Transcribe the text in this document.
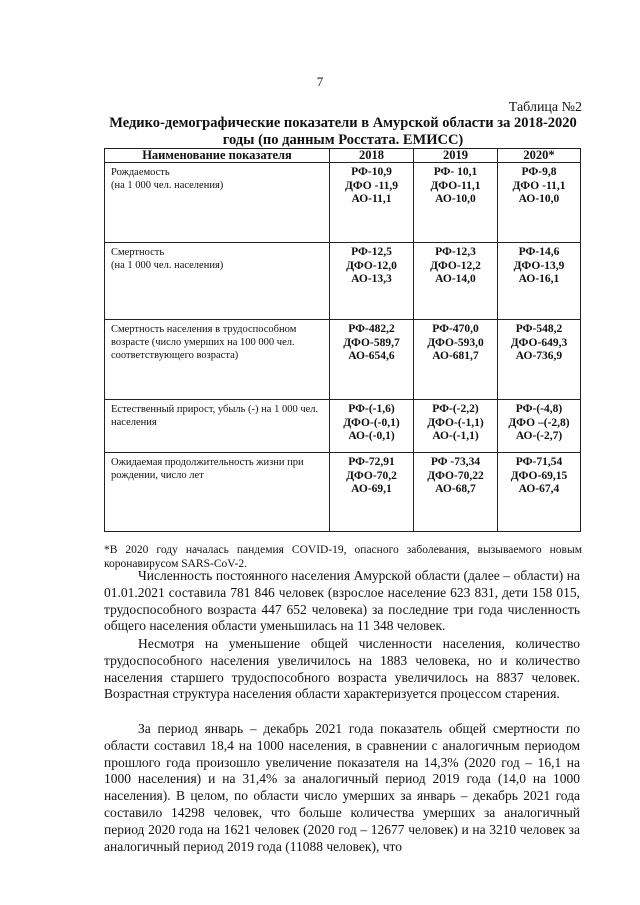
7
Таблица №2
Медико-демографические показатели в Амурской области за 2018-2020 годы (по данным Росстата. ЕМИСС)
Наименование показателя	2018	2019	2020*

Рождаемость
(на 1 000 чел. населения)	РФ-10,9
ДФО -11,9
АО-11,1	РФ- 10,1
ДФО-11,1
АО-10,0	РФ-9,8
ДФО -11,1
АО-10,0

Смертность
(на 1 000 чел. населения)	РФ-12,5
ДФО-12,0
АО-13,3	РФ-12,3
ДФО-12,2
АО-14,0	РФ-14,6
ДФО-13,9
АО-16,1

Смертность населения в трудоспособном возрасте (число умерших на 100 000 чел. соответствующего возраста)	РФ-482,2
ДФО-589,7
АО-654,6	РФ-470,0
ДФО-593,0
АО-681,7	РФ-548,2
ДФО-649,3
АО-736,9

Естественный прирост, убыль (-) на 1 000 чел. населения	РФ-(-1,6)
ДФО-(-0,1)
АО-(-0,1)	РФ-(-2,2)
ДФО-(-1,1)
АО-(-1,1)	РФ-(-4,8)
ДФО –(-2,8)
АО-(-2,7)

Ожидаемая продолжительность жизни при рождении, число лет	РФ-72,91
ДФО-70,2
АО-69,1	РФ -73,34
ДФО-70,22
АО-68,7	РФ-71,54
ДФО-69,15
АО-67,4
*В 2020 году началась пандемия COVID-19, опасного заболевания, вызываемого новым коронавирусом SARS-CoV-2.

Численность постоянного населения Амурской области (далее – области) на 01.01.2021 составила 781 846 человек (взрослое население 623 831, дети 158 015, трудоспособного возраста 447 652 человека) за последние три года численность общего населения области уменьшилась на 11 348 человек.

Несмотря на уменьшение общей численности населения, количество трудоспособного населения увеличилось на 1883 человека, но и количество населения старшего трудоспособного возраста увеличилось на 8837 человек. Возрастная структура населения области характеризуется процессом старения.

За период январь – декабрь 2021 года показатель общей смертности по области составил 18,4 на 1000 населения, в сравнении с аналогичным периодом прошлого года произошло увеличение показателя на 14,3% (2020 год – 16,1 на 1000 населения) и на 31,4% за аналогичный период 2019 года (14,0 на 1000 населения). В целом, по области число умерших за январь – декабрь 2021 года составило 14298 человек, что больше количества умерших за аналогичный период 2020 года на 1621 человек (2020 год – 12677 человек) и на 3210 человек за аналогичный период 2019 года (11088 человек), что
